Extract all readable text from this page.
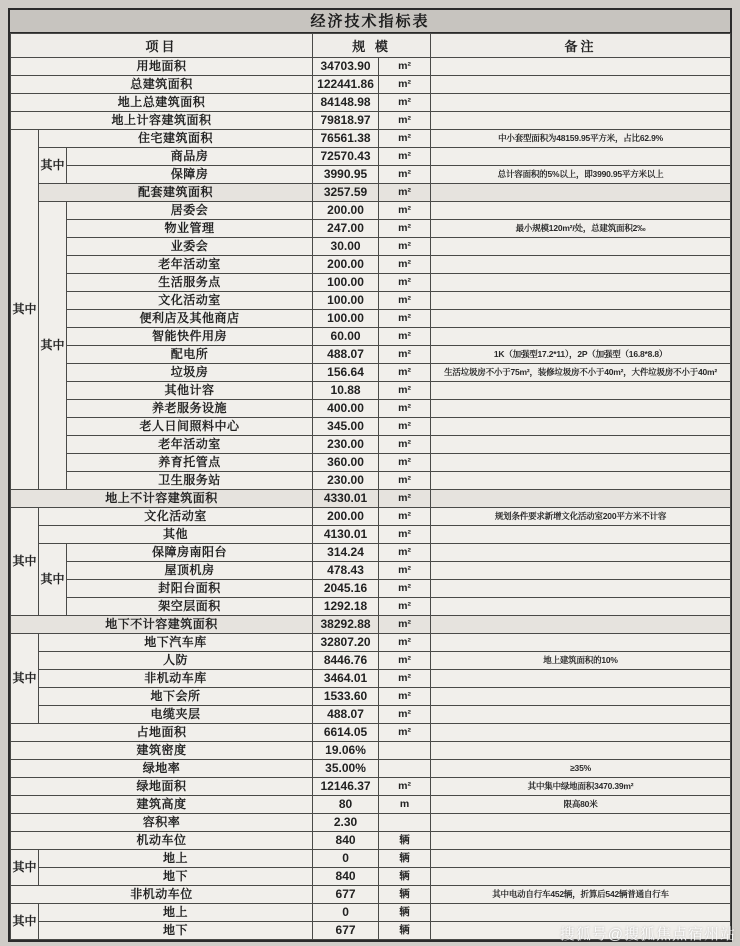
经济技术指标表
项目			规 模		备注
用地面积			34703.90	m²	
总建筑面积			122441.86	m²	
地上总建筑面积			84148.98	m²	
地上计容建筑面积			79818.97	m²	
其中	住宅建筑面积		76561.38	m²	中小套型面积为48159.95平方米，占比62.9%
	其中	商品房	72570.43	m²	
		保障房	3990.95	m²	总计容面积的5%以上，即3990.95平方米以上
	配套建筑面积		3257.59	m²	
	其中	居委会	200.00	m²	
		物业管理	247.00	m²	最小规模120m²/处，总建筑面积2‰
		业委会	30.00	m²	
		老年活动室	200.00	m²	
		生活服务点	100.00	m²	
		文化活动室	100.00	m²	
		便利店及其他商店	100.00	m²	
		智能快件用房	60.00	m²	
		配电所	488.07	m²	1K（加强型17.2*11），2P（加强型（16.8*8.8）
		垃圾房	156.64	m²	生活垃圾房不小于75m²，装修垃圾房不小于40m²，大件垃圾房不小于40m²
		其他计容	10.88	m²	
		养老服务设施	400.00	m²	
		老人日间照料中心	345.00	m²	
		老年活动室	230.00	m²	
		养育托管点	360.00	m²	
		卫生服务站	230.00	m²	
地上不计容建筑面积			4330.01	m²	
其中	文化活动室		200.00	m²	规划条件要求新增文化活动室200平方米不计容
	其他		4130.01	m²	
	其中	保障房南阳台	314.24	m²	
		屋顶机房	478.43	m²	
		封阳台面积	2045.16	m²	
		架空层面积	1292.18	m²	
地下不计容建筑面积			38292.88	m²	
其中	地下汽车库		32807.20	m²	
	人防		8446.76	m²	地上建筑面积的10%
	非机动车库		3464.01	m²	
	地下会所		1533.60	m²	
	电缆夹层		488.07	m²	
占地面积			6614.05	m²	
建筑密度			19.06%		
绿地率			35.00%		≥35%
绿地面积			12146.37	m²	其中集中绿地面积3470.39m²
建筑高度			80	m	限高80米
容积率			2.30		
机动车位			840	辆	
其中	地上		0	辆	
	地下		840	辆	
非机动车位			677	辆	其中电动自行车452辆，折算后542辆普通自行车
其中	地上		0	辆	
	地下		677	辆		搜狐号@搜狐焦点宿州站
